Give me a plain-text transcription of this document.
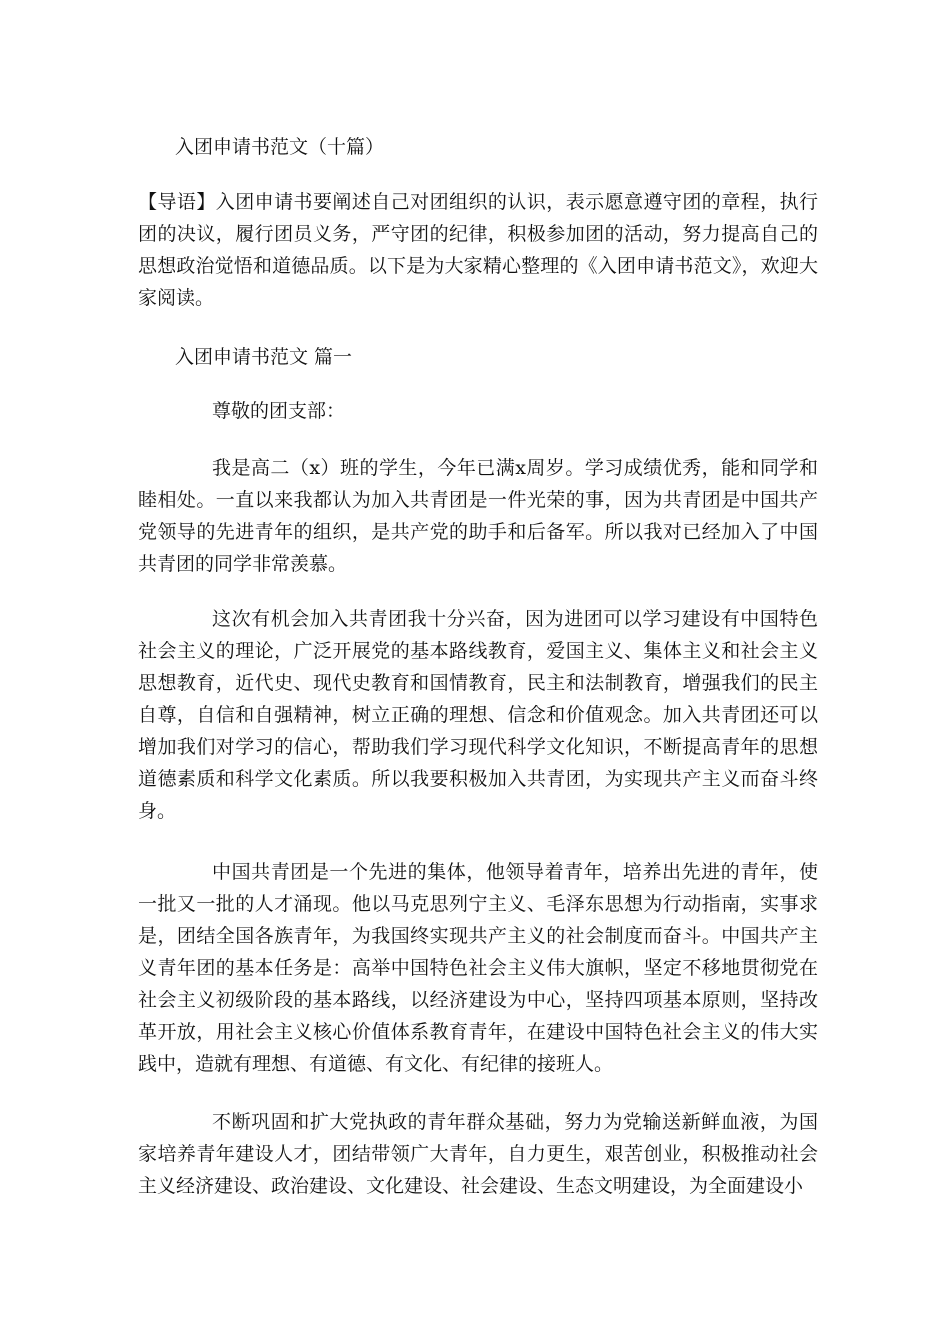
入团申请书范文（十篇）
【导语】入团申请书要阐述自己对团组织的认识，表示愿意遵守团的章程，执行团的决议，履行团员义务，严守团的纪律，积极参加团的活动，努力提高自己的思想政治觉悟和道德品质。以下是为大家精心整理的《入团申请书范文》，欢迎大家阅读。
入团申请书范文 篇一
尊敬的团支部：
我是高二（x）班的学生，今年已满x周岁。学习成绩优秀，能和同学和睦相处。一直以来我都认为加入共青团是一件光荣的事，因为共青团是中国共产党领导的先进青年的组织，是共产党的助手和后备军。所以我对已经加入了中国共青团的同学非常羡慕。
这次有机会加入共青团我十分兴奋，因为进团可以学习建设有中国特色社会主义的理论，广泛开展党的基本路线教育，爱国主义、集体主义和社会主义思想教育，近代史、现代史教育和国情教育，民主和法制教育，增强我们的民主自尊，自信和自强精神，树立正确的理想、信念和价值观念。加入共青团还可以增加我们对学习的信心，帮助我们学习现代科学文化知识，不断提高青年的思想道德素质和科学文化素质。所以我要积极加入共青团，为实现共产主义而奋斗终身。
中国共青团是一个先进的集体，他领导着青年，培养出先进的青年，使一批又一批的人才涌现。他以马克思列宁主义、毛泽东思想为行动指南，实事求是，团结全国各族青年，为我国终实现共产主义的社会制度而奋斗。中国共产主义青年团的基本任务是：高举中国特色社会主义伟大旗帜，坚定不移地贯彻党在社会主义初级阶段的基本路线，以经济建设为中心，坚持四项基本原则，坚持改革开放，用社会主义核心价值体系教育青年，在建设中国特色社会主义的伟大实践中，造就有理想、有道德、有文化、有纪律的接班人。
不断巩固和扩大党执政的青年群众基础，努力为党输送新鲜血液，为国家培养青年建设人才，团结带领广大青年，自力更生，艰苦创业，积极推动社会主义经济建设、政治建设、文化建设、社会建设、生态文明建设，为全面建设小
